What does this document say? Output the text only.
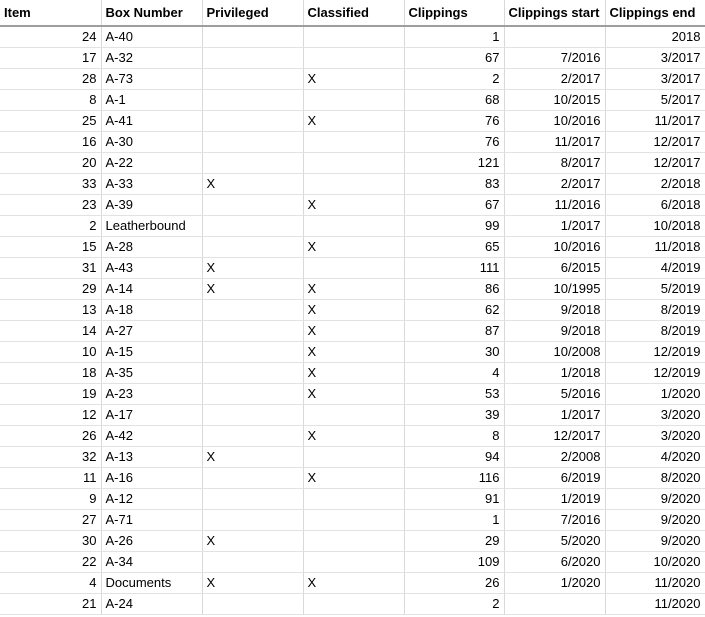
Item	Box Number	Privileged	Classified	Clippings	Clippings start	Clippings end
24	A-40			1		2018
17	A-32			67	7/2016	3/2017
28	A-73		X	2	2/2017	3/2017
8	A-1			68	10/2015	5/2017
25	A-41		X	76	10/2016	11/2017
16	A-30			76	11/2017	12/2017
20	A-22			121	8/2017	12/2017
33	A-33	X		83	2/2017	2/2018
23	A-39		X	67	11/2016	6/2018
2	Leatherbound			99	1/2017	10/2018
15	A-28		X	65	10/2016	11/2018
31	A-43	X		111	6/2015	4/2019
29	A-14	X	X	86	10/1995	5/2019
13	A-18		X	62	9/2018	8/2019
14	A-27		X	87	9/2018	8/2019
10	A-15		X	30	10/2008	12/2019
18	A-35		X	4	1/2018	12/2019
19	A-23		X	53	5/2016	1/2020
12	A-17			39	1/2017	3/2020
26	A-42		X	8	12/2017	3/2020
32	A-13	X		94	2/2008	4/2020
11	A-16		X	116	6/2019	8/2020
9	A-12			91	1/2019	9/2020
27	A-71			1	7/2016	9/2020
30	A-26	X		29	5/2020	9/2020
22	A-34			109	6/2020	10/2020
4	Documents	X	X	26	1/2020	11/2020
21	A-24			2		11/2020
